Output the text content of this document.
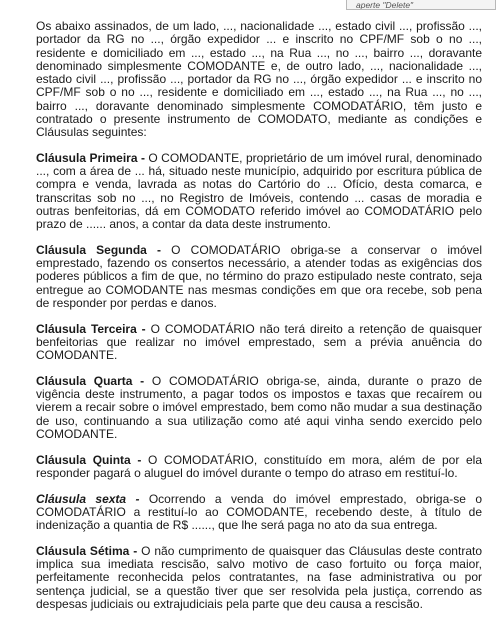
aperte "Delete"

Os abaixo assinados, de um lado, ..., nacionalidade ..., estado civil ..., profissão ..., portador da RG no ..., órgão expedidor ... e inscrito no CPF/MF sob o no ..., residente e domiciliado em ..., estado ..., na Rua ..., no ..., bairro ..., doravante denominado simplesmente COMODANTE e, de outro lado, ..., nacionalidade ..., estado civil ..., profissão ..., portador da RG no ..., órgão expedidor ... e inscrito no CPF/MF sob o no ..., residente e domiciliado em ..., estado ..., na Rua ..., no ..., bairro ..., doravante denominado simplesmente COMODATÁRIO, têm justo e contratado o presente instrumento de COMODATO, mediante as condições e Cláusulas seguintes:

Cláusula Primeira - O COMODANTE, proprietário de um imóvel rural, denominado ..., com a área de ... há, situado neste município, adquirido por escritura pública de compra e venda, lavrada as notas do Cartório do ... Ofício, desta comarca, e transcritas sob no ..., no Registro de Imóveis, contendo ... casas de moradia e outras benfeitorias, dá em COMODATO referido imóvel ao COMODATÁRIO pelo prazo de ...... anos, a contar da data deste instrumento.

Cláusula Segunda - O COMODATÁRIO obriga-se a conservar o imóvel emprestado, fazendo os consertos necessário, a atender todas as exigências dos poderes públicos a fim de que, no término do prazo estipulado neste contrato, seja entregue ao COMODANTE nas mesmas condições em que ora recebe, sob pena de responder por perdas e danos.

Cláusula Terceira - O COMODATÁRIO não terá direito a retenção de quaisquer benfeitorias que realizar no imóvel emprestado, sem a prévia anuência do COMODANTE.

Cláusula Quarta - O COMODATÁRIO obriga-se, ainda, durante o prazo de vigência deste instrumento, a pagar todos os impostos e taxas que recaírem ou vierem a recair sobre o imóvel emprestado, bem como não mudar a sua destinação de uso, continuando a sua utilização como até aqui vinha sendo exercido pelo COMODANTE.

Cláusula Quinta - O COMODATÁRIO, constituído em mora, além de por ela responder pagará o aluguel do imóvel durante o tempo do atraso em restituí-lo.

Cláusula sexta - Ocorrendo a venda do imóvel emprestado, obriga-se o COMODATÁRIO a restituí-lo ao COMODANTE, recebendo deste, à título de indenização a quantia de R$ ......, que lhe será paga no ato da sua entrega.

Cláusula Sétima - O não cumprimento de quaisquer das Cláusulas deste contrato implica sua imediata rescisão, salvo motivo de caso fortuito ou força maior, perfeitamente reconhecida pelos contratantes, na fase administrativa ou por sentença judicial, se a questão tiver que ser resolvida pela justiça, correndo as despesas judiciais ou extrajudiciais pela parte que deu causa a rescisão.
